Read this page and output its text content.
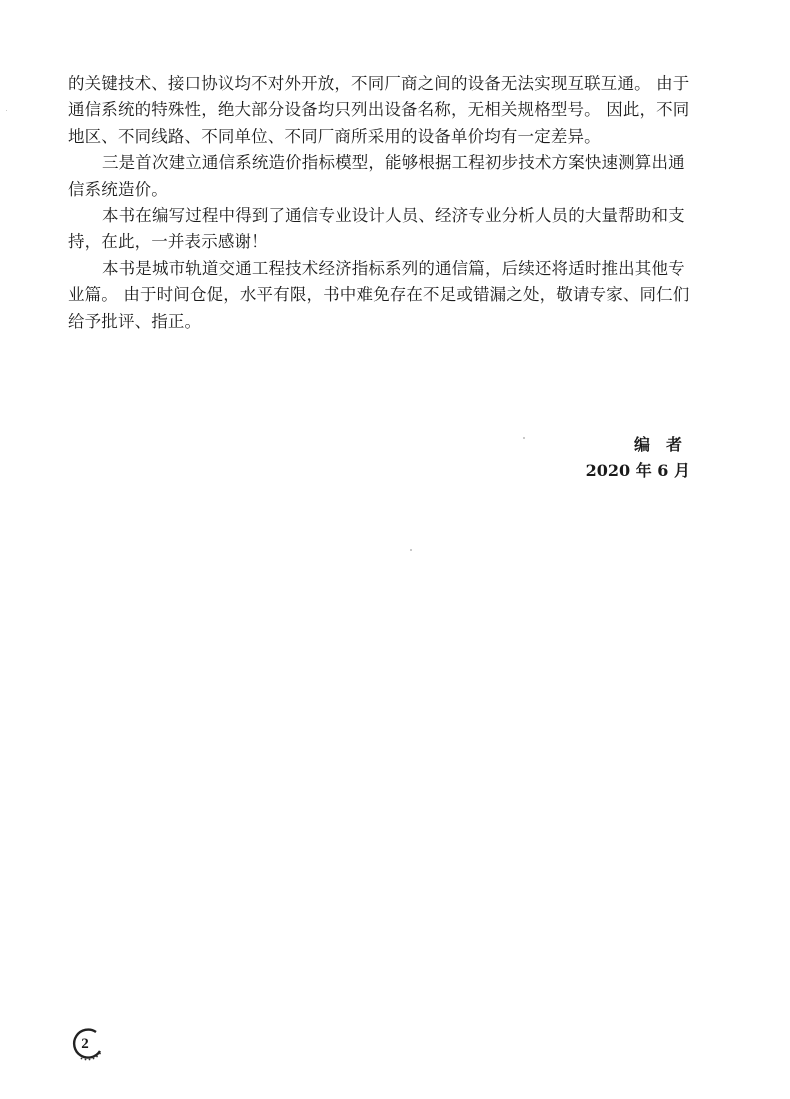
的关键技术、接口协议均不对外开放，不同厂商之间的设备无法实现互联互通。 由于
通信系统的特殊性，绝大部分设备均只列出设备名称，无相关规格型号。 因此，不同
地区、不同线路、不同单位、不同厂商所采用的设备单价均有一定差异。
三是首次建立通信系统造价指标模型，能够根据工程初步技术方案快速测算出通
信系统造价。
本书在编写过程中得到了通信专业设计人员、经济专业分析人员的大量帮助和支
持，在此，一并表示感谢！
本书是城市轨道交通工程技术经济指标系列的通信篇，后续还将适时推出其他专
业篇。 由于时间仓促，水平有限，书中难免存在不足或错漏之处，敬请专家、同仁们
给予批评、指正。
编者
2020 年 6 月
2
